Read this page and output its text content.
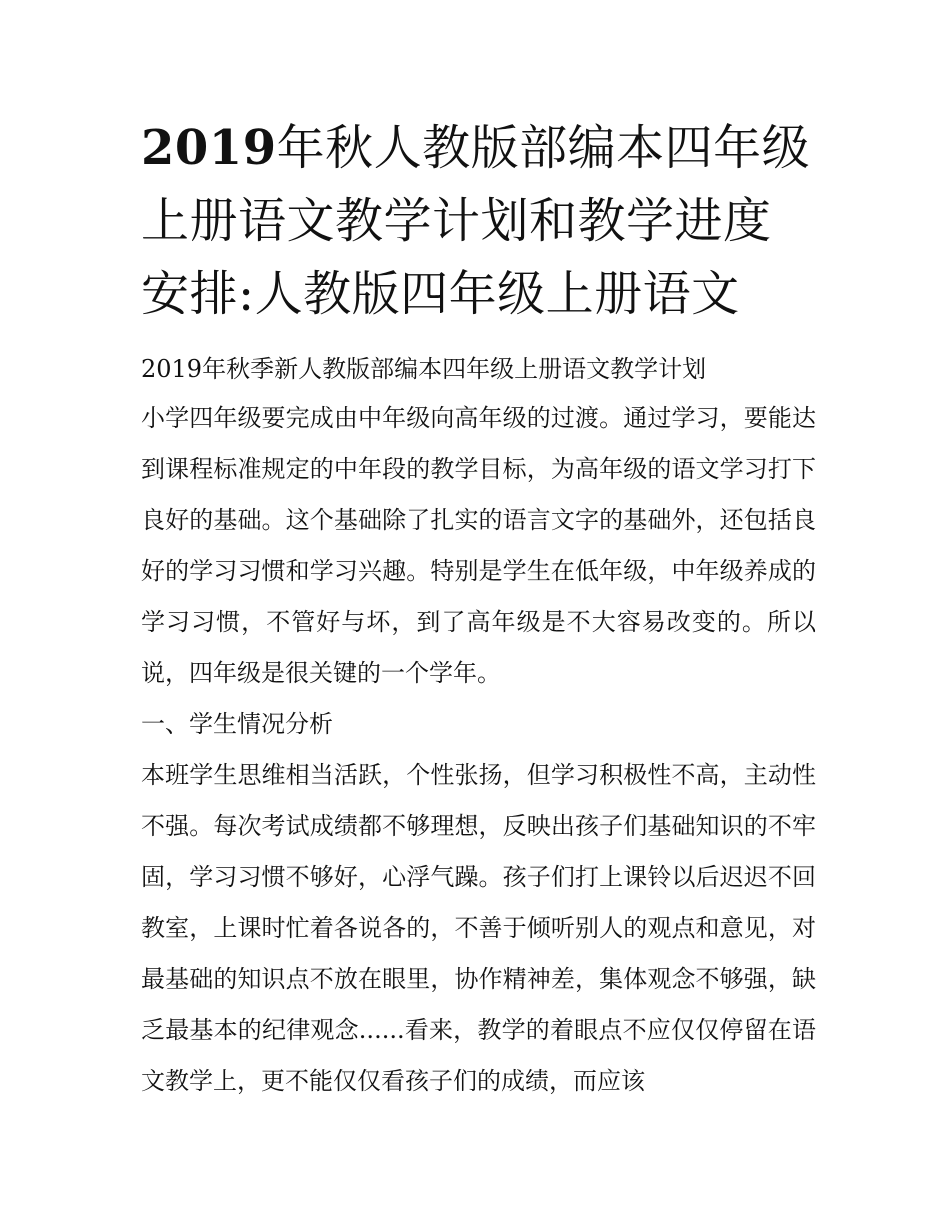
2019年秋人教版部编本四年级上册语文教学计划和教学进度安排:人教版四年级上册语文

2019年秋季新人教版部编本四年级上册语文教学计划

小学四年级要完成由中年级向高年级的过渡。通过学习，要能达到课程标准规定的中年段的教学目标，为高年级的语文学习打下良好的基础。这个基础除了扎实的语言文字的基础外，还包括良好的学习习惯和学习兴趣。特别是学生在低年级，中年级养成的学习习惯，不管好与坏，到了高年级是不大容易改变的。所以说，四年级是很关键的一个学年。

一、学生情况分析

本班学生思维相当活跃，个性张扬，但学习积极性不高，主动性不强。每次考试成绩都不够理想，反映出孩子们基础知识的不牢固，学习习惯不够好，心浮气躁。孩子们打上课铃以后迟迟不回教室，上课时忙着各说各的，不善于倾听别人的观点和意见，对最基础的知识点不放在眼里，协作精神差，集体观念不够强，缺乏最基本的纪律观念......看来，教学的着眼点不应仅仅停留在语文教学上，更不能仅仅看孩子们的成绩，而应该
